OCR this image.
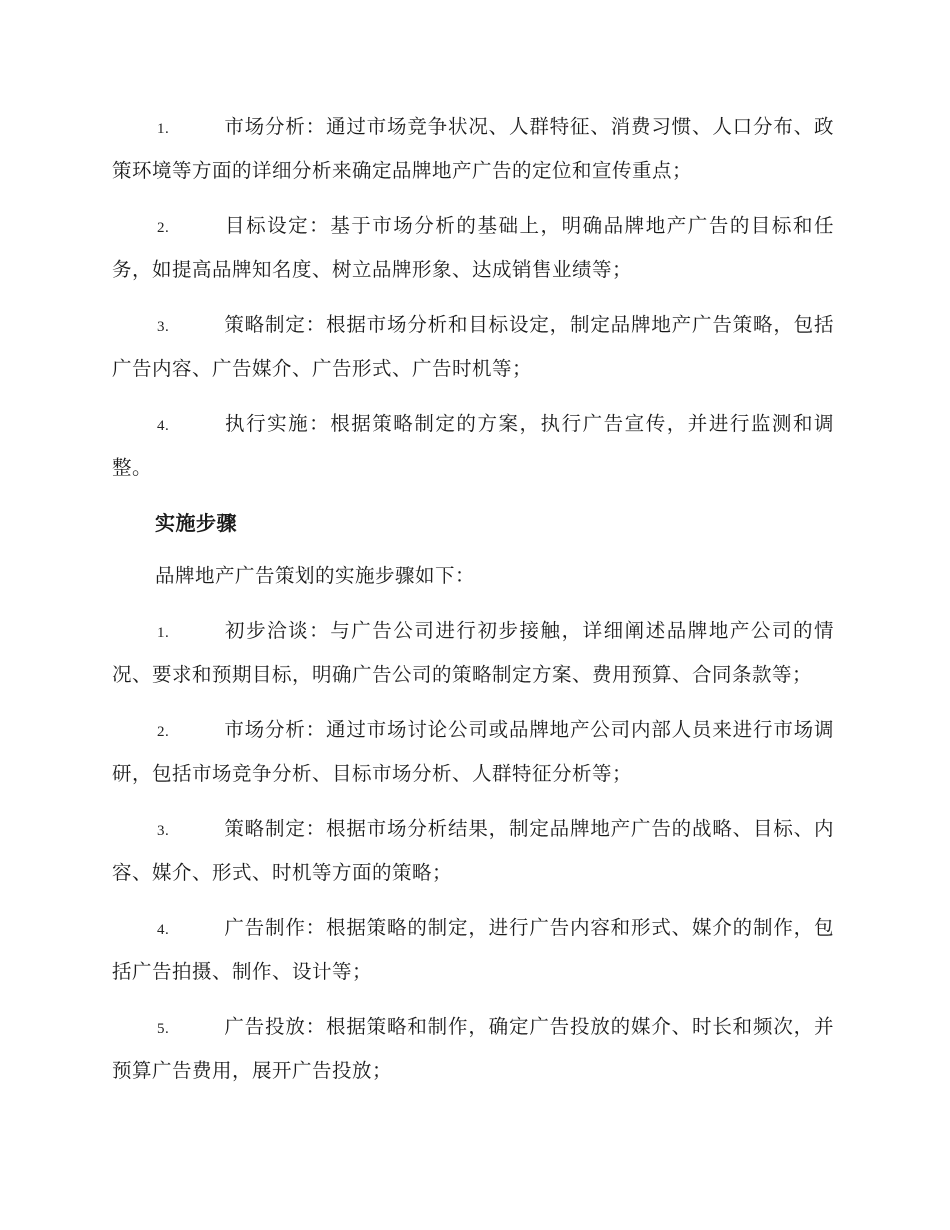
1.	市场分析：通过市场竞争状况、人群特征、消费习惯、人口分布、政策环境等方面的详细分析来确定品牌地产广告的定位和宣传重点；
2.	目标设定：基于市场分析的基础上，明确品牌地产广告的目标和任务，如提高品牌知名度、树立品牌形象、达成销售业绩等；
3.	策略制定：根据市场分析和目标设定，制定品牌地产广告策略，包括广告内容、广告媒介、广告形式、广告时机等；
4.	执行实施：根据策略制定的方案，执行广告宣传，并进行监测和调整。
实施步骤
品牌地产广告策划的实施步骤如下：
1.	初步洽谈：与广告公司进行初步接触，详细阐述品牌地产公司的情况、要求和预期目标，明确广告公司的策略制定方案、费用预算、合同条款等；
2.	市场分析：通过市场讨论公司或品牌地产公司内部人员来进行市场调研，包括市场竞争分析、目标市场分析、人群特征分析等；
3.	策略制定：根据市场分析结果，制定品牌地产广告的战略、目标、内容、媒介、形式、时机等方面的策略；
4.	广告制作：根据策略的制定，进行广告内容和形式、媒介的制作，包括广告拍摄、制作、设计等；
5.	广告投放：根据策略和制作，确定广告投放的媒介、时长和频次，并预算广告费用，展开广告投放；
